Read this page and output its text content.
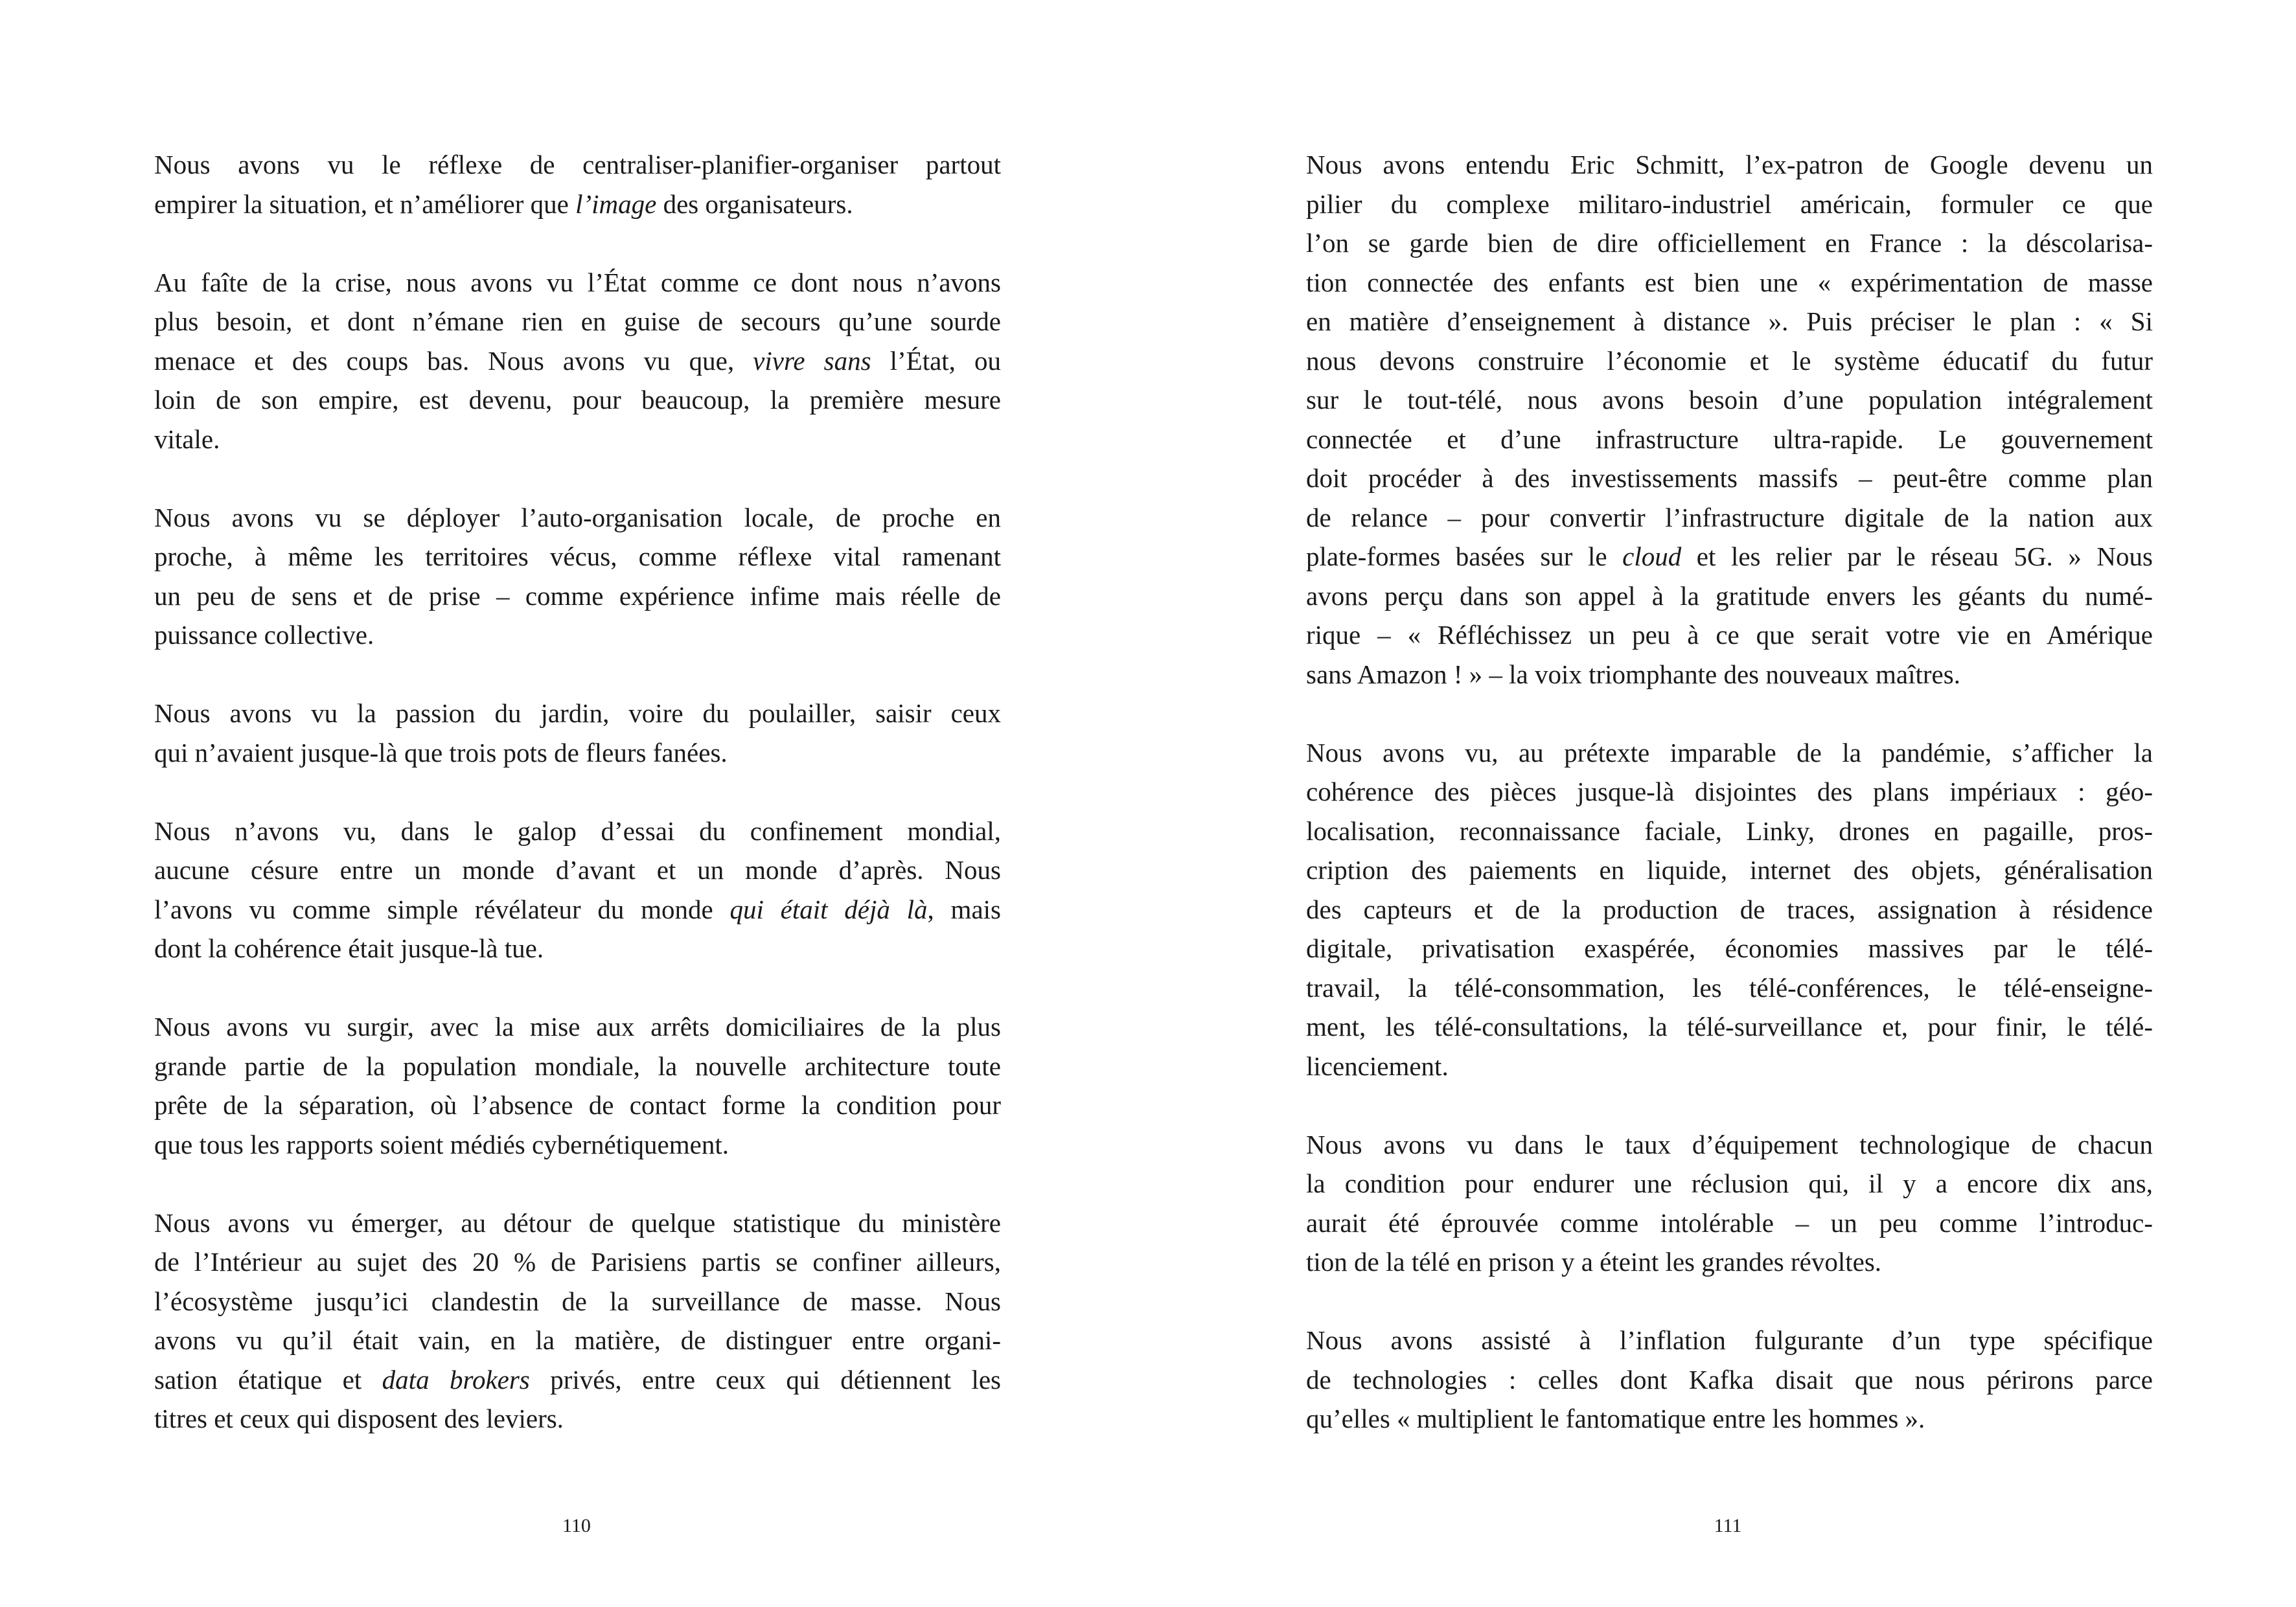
Nous avons vu le réflexe de centraliser-planifier-organiser partout
empirer la situation, et n’améliorer que l’image des organisateurs.
Au faîte de la crise, nous avons vu l’État comme ce dont nous n’avons
plus besoin, et dont n’émane rien en guise de secours qu’une sourde
menace et des coups bas. Nous avons vu que, vivre sans l’État, ou
loin de son empire, est devenu, pour beaucoup, la première mesure
vitale.
Nous avons vu se déployer l’auto-organisation locale, de proche en
proche, à même les territoires vécus, comme réflexe vital ramenant
un peu de sens et de prise – comme expérience infime mais réelle de
puissance collective.
Nous avons vu la passion du jardin, voire du poulailler, saisir ceux
qui n’avaient jusque-là que trois pots de fleurs fanées.
Nous n’avons vu, dans le galop d’essai du confinement mondial,
aucune césure entre un monde d’avant et un monde d’après. Nous
l’avons vu comme simple révélateur du monde qui était déjà là, mais
dont la cohérence était jusque-là tue.
Nous avons vu surgir, avec la mise aux arrêts domiciliaires de la plus
grande partie de la population mondiale, la nouvelle architecture toute
prête de la séparation, où l’absence de contact forme la condition pour
que tous les rapports soient médiés cybernétiquement.
Nous avons vu émerger, au détour de quelque statistique du ministère
de l’Intérieur au sujet des 20 % de Parisiens partis se confiner ailleurs,
l’écosystème jusqu’ici clandestin de la surveillance de masse. Nous
avons vu qu’il était vain, en la matière, de distinguer entre organi-
sation étatique et data brokers privés, entre ceux qui détiennent les
titres et ceux qui disposent des leviers.
Nous avons entendu Eric Schmitt, l’ex-patron de Google devenu un
pilier du complexe militaro-industriel américain, formuler ce que
l’on se garde bien de dire officiellement en France : la déscolarisa-
tion connectée des enfants est bien une « expérimentation de masse
en matière d’enseignement à distance ». Puis préciser le plan : « Si
nous devons construire l’économie et le système éducatif du futur
sur le tout-télé, nous avons besoin d’une population intégralement
connectée et d’une infrastructure ultra-rapide. Le gouvernement
doit procéder à des investissements massifs – peut-être comme plan
de relance – pour convertir l’infrastructure digitale de la nation aux
plate-formes basées sur le cloud et les relier par le réseau 5G. » Nous
avons perçu dans son appel à la gratitude envers les géants du numé-
rique – « Réfléchissez un peu à ce que serait votre vie en Amérique
sans Amazon ! » – la voix triomphante des nouveaux maîtres.
Nous avons vu, au prétexte imparable de la pandémie, s’afficher la
cohérence des pièces jusque-là disjointes des plans impériaux : géo-
localisation, reconnaissance faciale, Linky, drones en pagaille, pros-
cription des paiements en liquide, internet des objets, généralisation
des capteurs et de la production de traces, assignation à résidence
digitale, privatisation exaspérée, économies massives par le télé-
travail, la télé-consommation, les télé-conférences, le télé-enseigne-
ment, les télé-consultations, la télé-surveillance et, pour finir, le télé-
licenciement.
Nous avons vu dans le taux d’équipement technologique de chacun
la condition pour endurer une réclusion qui, il y a encore dix ans,
aurait été éprouvée comme intolérable – un peu comme l’introduc-
tion de la télé en prison y a éteint les grandes révoltes.
Nous avons assisté à l’inflation fulgurante d’un type spécifique
de technologies : celles dont Kafka disait que nous périrons parce
qu’elles « multiplient le fantomatique entre les hommes ».
110	111
